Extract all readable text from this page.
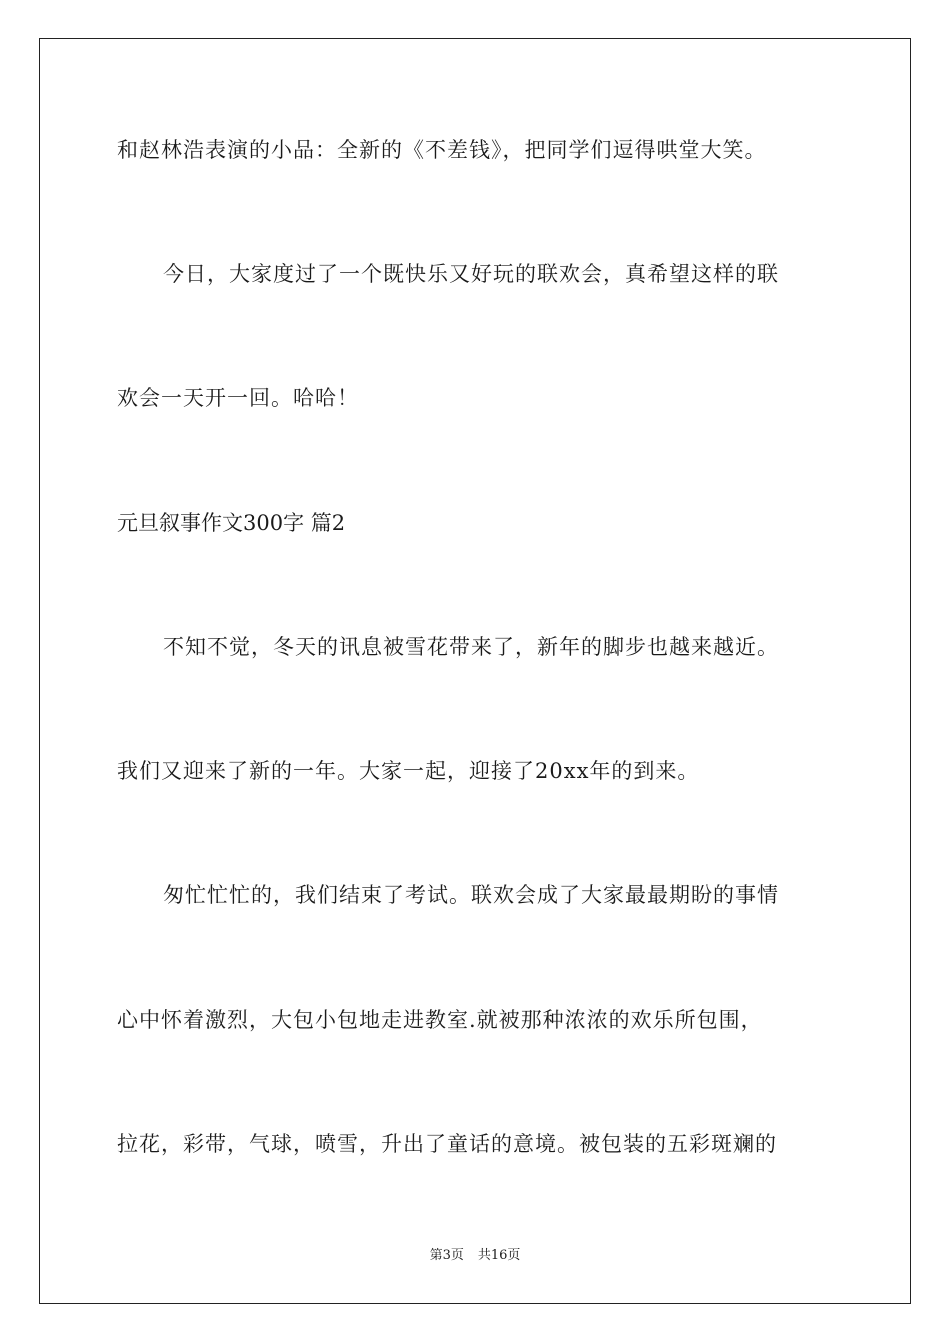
和赵林浩表演的小品：全新的《不差钱》，把同学们逗得哄堂大笑。
今日，大家度过了一个既快乐又好玩的联欢会，真希望这样的联
欢会一天开一回。哈哈！
元旦叙事作文300字 篇2
不知不觉，冬天的讯息被雪花带来了，新年的脚步也越来越近。
我们又迎来了新的一年。大家一起，迎接了20xx年的到来。
匆忙忙忙的，我们结束了考试。联欢会成了大家最最期盼的事情
心中怀着激烈，大包小包地走进教室.就被那种浓浓的欢乐所包围，
拉花，彩带，气球，喷雪，升出了童话的意境。被包装的五彩斑斓的
第3页 共16页
